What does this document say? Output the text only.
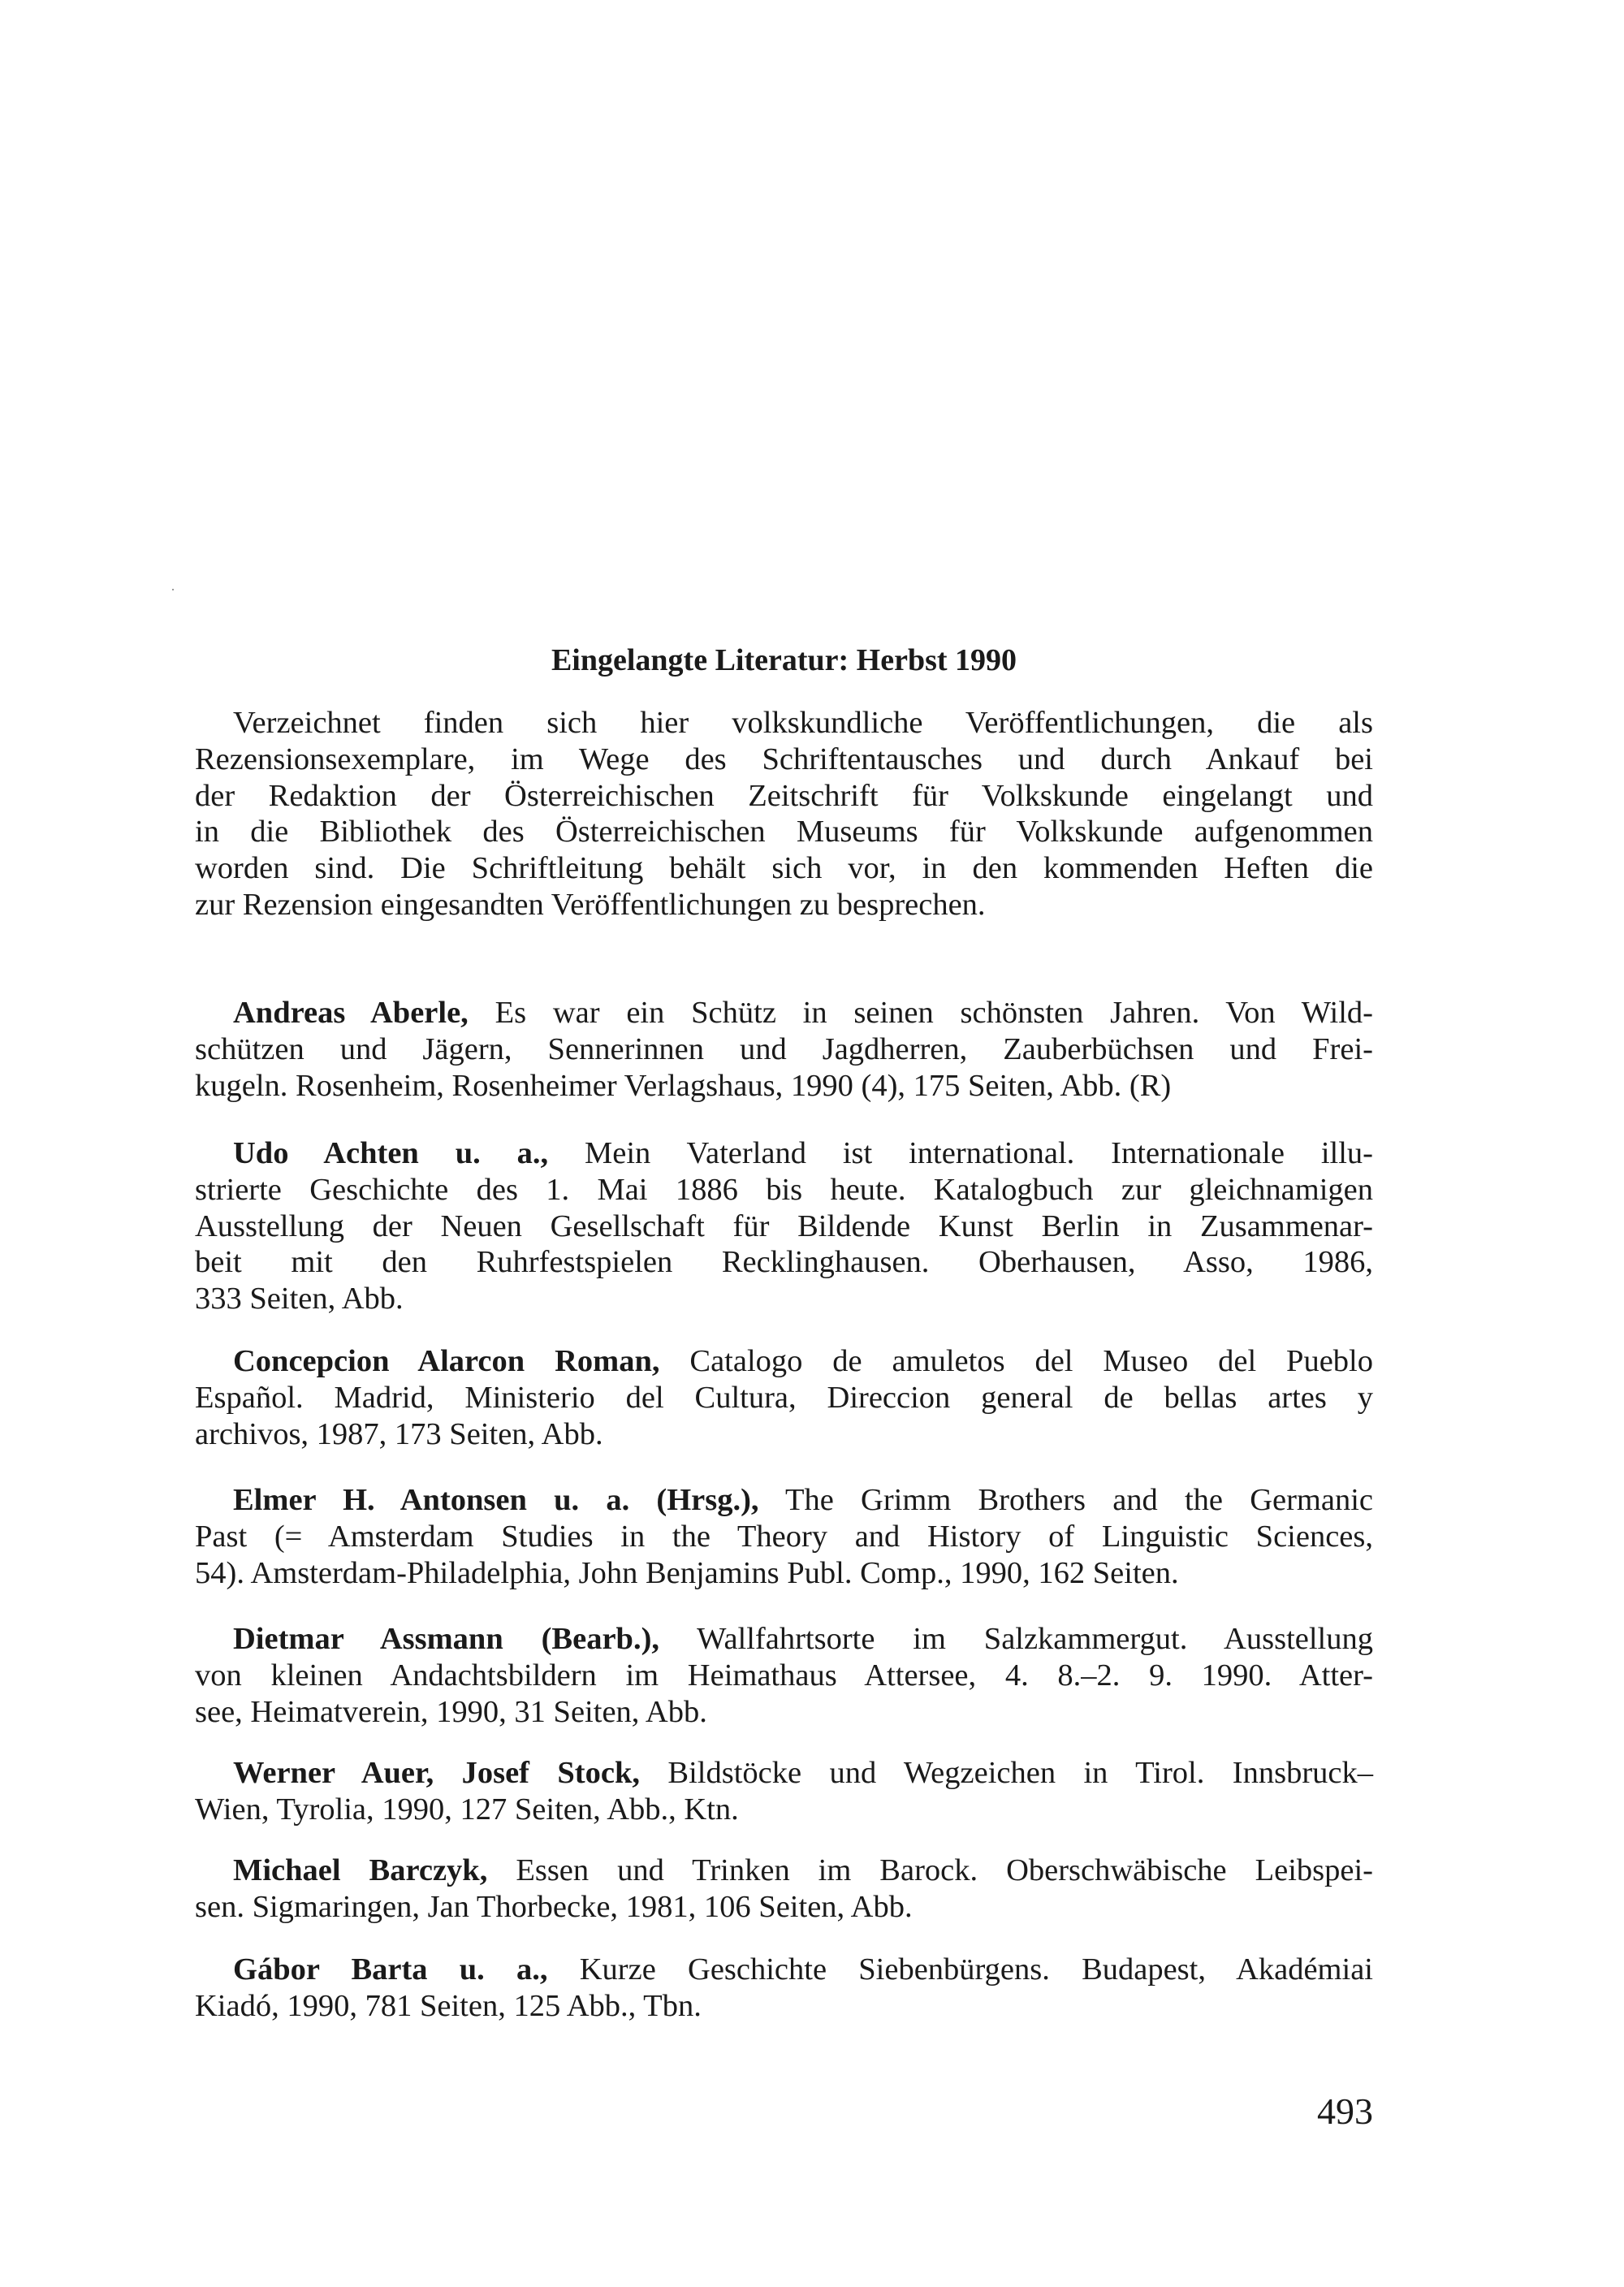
Eingelangte Literatur: Herbst 1990
Verzeichnet finden sich hier volkskundliche Veröffentlichungen, die als
Rezensionsexemplare, im Wege des Schriftentausches und durch Ankauf bei
der Redaktion der Österreichischen Zeitschrift für Volkskunde eingelangt und
in die Bibliothek des Österreichischen Museums für Volkskunde aufgenommen
worden sind. Die Schriftleitung behält sich vor, in den kommenden Heften die
zur Rezension eingesandten Veröffentlichungen zu besprechen.
Andreas Aberle, Es war ein Schütz in seinen schönsten Jahren. Von Wild-
schützen und Jägern, Sennerinnen und Jagdherren, Zauberbüchsen und Frei-
kugeln. Rosenheim, Rosenheimer Verlagshaus, 1990 (4), 175 Seiten, Abb. (R)
Udo Achten u. a., Mein Vaterland ist international. Internationale illu-
strierte Geschichte des 1. Mai 1886 bis heute. Katalogbuch zur gleichnamigen
Ausstellung der Neuen Gesellschaft für Bildende Kunst Berlin in Zusammenar-
beit mit den Ruhrfestspielen Recklinghausen. Oberhausen, Asso, 1986,
333 Seiten, Abb.
Concepcion Alarcon Roman, Catalogo de amuletos del Museo del Pueblo
Español. Madrid, Ministerio del Cultura, Direccion general de bellas artes y
archivos, 1987, 173 Seiten, Abb.
Elmer H. Antonsen u. a. (Hrsg.), The Grimm Brothers and the Germanic
Past (= Amsterdam Studies in the Theory and History of Linguistic Sciences,
54). Amsterdam-Philadelphia, John Benjamins Publ. Comp., 1990, 162 Seiten.
Dietmar Assmann (Bearb.), Wallfahrtsorte im Salzkammergut. Ausstellung
von kleinen Andachtsbildern im Heimathaus Attersee, 4. 8.–2. 9. 1990. Atter-
see, Heimatverein, 1990, 31 Seiten, Abb.
Werner Auer, Josef Stock, Bildstöcke und Wegzeichen in Tirol. Innsbruck–
Wien, Tyrolia, 1990, 127 Seiten, Abb., Ktn.
Michael Barczyk, Essen und Trinken im Barock. Oberschwäbische Leibspei-
sen. Sigmaringen, Jan Thorbecke, 1981, 106 Seiten, Abb.
Gábor Barta u. a., Kurze Geschichte Siebenbürgens. Budapest, Akadémiai
Kiadó, 1990, 781 Seiten, 125 Abb., Tbn.
493
